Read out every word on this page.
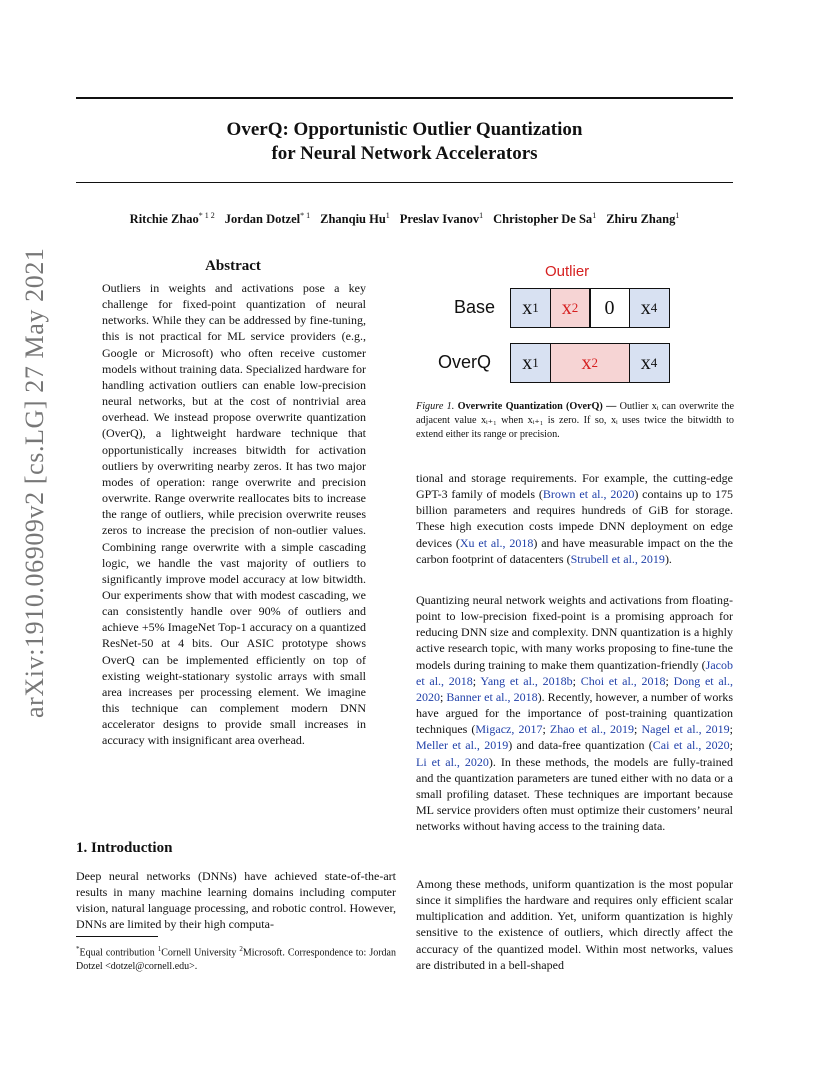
arXiv:1910.06909v2 [cs.LG] 27 May 2021
OverQ: Opportunistic Outlier Quantization
for Neural Network Accelerators
Ritchie Zhao$^{* 1 2}$ Jordan Dotzel$^{* 1}$ Zhanqiu Hu$^1$ Preslav Ivanov$^1$ Christopher De Sa$^1$ Zhiru Zhang$^1$
Abstract

Outliers in weights and activations pose a key challenge for fixed-point quantization of neural networks. While they can be addressed by fine-tuning, this is not practical for ML service providers (e.g., Google or Microsoft) who often receive customer models without training data. Specialized hardware for handling activation outliers can enable low-precision neural networks, but at the cost of nontrivial area overhead. We instead propose overwrite quantization (OverQ), a lightweight hardware technique that opportunistically increases bitwidth for activation outliers by overwriting nearby zeros. It has two major modes of operation: range overwrite and precision overwrite. Range overwrite reallocates bits to increase the range of outliers, while precision overwrite reuses zeros to increase the precision of non-outlier values. Combining range overwrite with a simple cascading logic, we handle the vast majority of outliers to significantly improve model accuracy at low bitwidth. Our experiments show that with modest cascading, we can consistently handle over 90% of outliers and achieve +5% ImageNet Top-1 accuracy on a quantized ResNet-50 at 4 bits. Our ASIC prototype shows OverQ can be implemented efficiently on top of existing weight-stationary systolic arrays with small area increases per processing element. We imagine this technique can complement modern DNN accelerator designs to provide small increases in accuracy with insignificant area overhead.

1. Introduction

Deep neural networks (DNNs) have achieved state-of-the-art results in many machine learning domains including computer vision, natural language processing, and robotic control. However, DNNs are limited by their high computa-

*Equal contribution $^1$Cornell University $^2$Microsoft. Correspondence to: Jordan Dotzel <dotzel@cornell.edu>.

Outlier
Base
OverQ
x 1 x 2 0 x 4
x 1 x 2 x 4

Figure 1. Overwrite Quantization (OverQ) — Outlier xᵢ can overwrite the adjacent value xᵢ₊₁ when xᵢ₊₁ is zero. If so, xᵢ uses twice the bitwidth to extend either its range or precision.

tional and storage requirements. For example, the cutting-edge GPT-3 family of models (Brown et al., 2020) contains up to 175 billion parameters and requires hundreds of GiB for storage. These high execution costs impede DNN deployment on edge devices (Xu et al., 2018) and have measurable impact on the the carbon footprint of datacenters (Strubell et al., 2019).

Quantizing neural network weights and activations from floating-point to low-precision fixed-point is a promising approach for reducing DNN size and complexity. DNN quantization is a highly active research topic, with many works proposing to fine-tune the models during training to make them quantization-friendly (Jacob et al., 2018; Yang et al., 2018b; Choi et al., 2018; Dong et al., 2020; Banner et al., 2018). Recently, however, a number of works have argued for the importance of post-training quantization techniques (Migacz, 2017; Zhao et al., 2019; Nagel et al., 2019; Meller et al., 2019) and data-free quantization (Cai et al., 2020; Li et al., 2020). In these methods, the models are fully-trained and the quantization parameters are tuned either with no data or a small profiling dataset. These techniques are important because ML service providers often must optimize their customers’ neural networks without having access to the training data.

Among these methods, uniform quantization is the most popular since it simplifies the hardware and requires only efficient scalar multiplication and addition. Yet, uniform quantization is highly sensitive to the existence of outliers, which directly affect the accuracy of the quantized model. Within most networks, values are distributed in a bell-shaped
